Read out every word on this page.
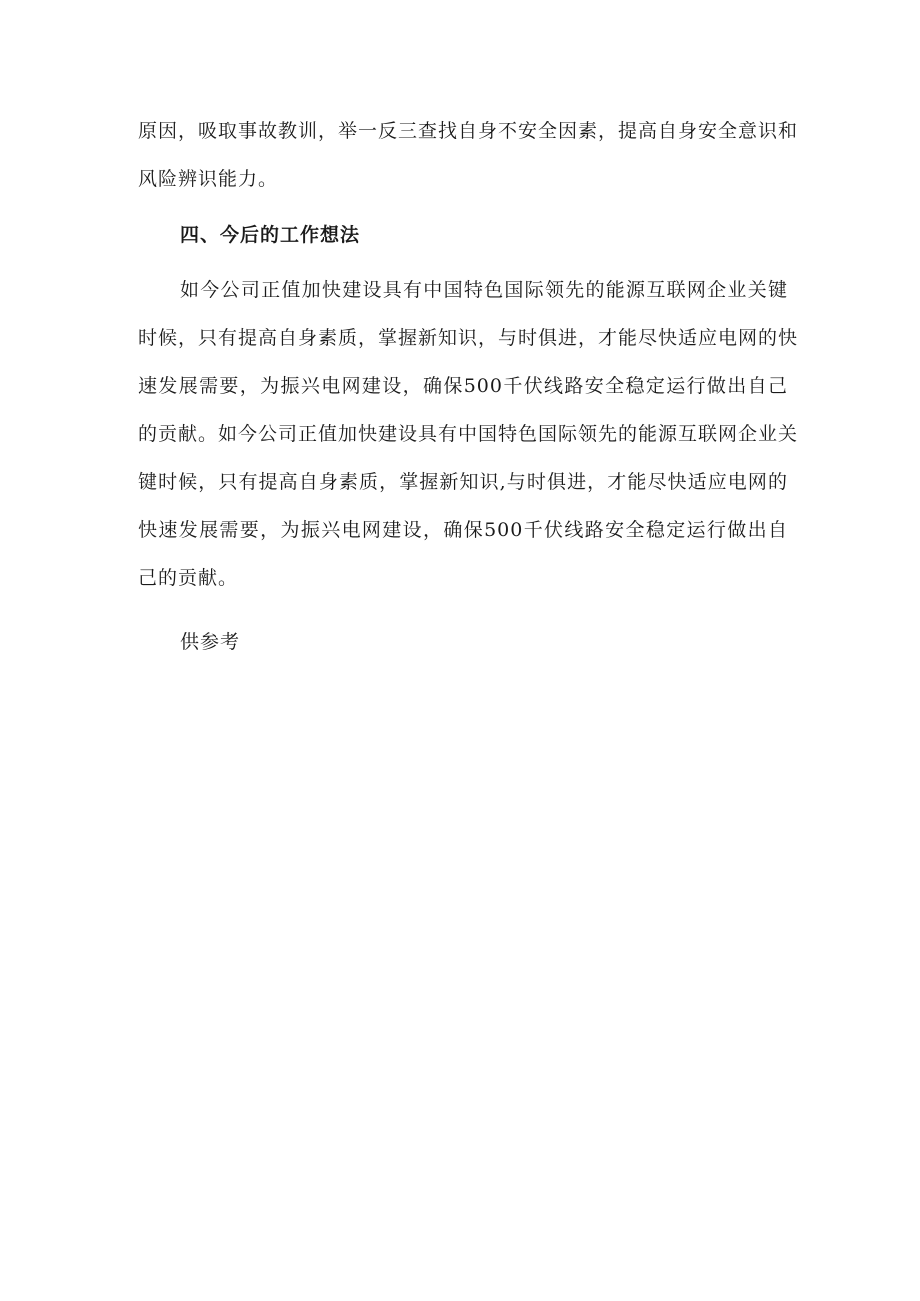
原因，吸取事故教训，举一反三查找自身不安全因素，提高自身安全意识和
风险辨识能力。
四、今后的工作想法
如今公司正值加快建设具有中国特色国际领先的能源互联网企业关键
时候，只有提高自身素质，掌握新知识，与时俱进，才能尽快适应电网的快
速发展需要，为振兴电网建设，确保500千伏线路安全稳定运行做出自己
的贡献。如今公司正值加快建设具有中国特色国际领先的能源互联网企业关
键时候，只有提高自身素质，掌握新知识,与时俱进，才能尽快适应电网的
快速发展需要，为振兴电网建设，确保500千伏线路安全稳定运行做出自
己的贡献。
供参考
